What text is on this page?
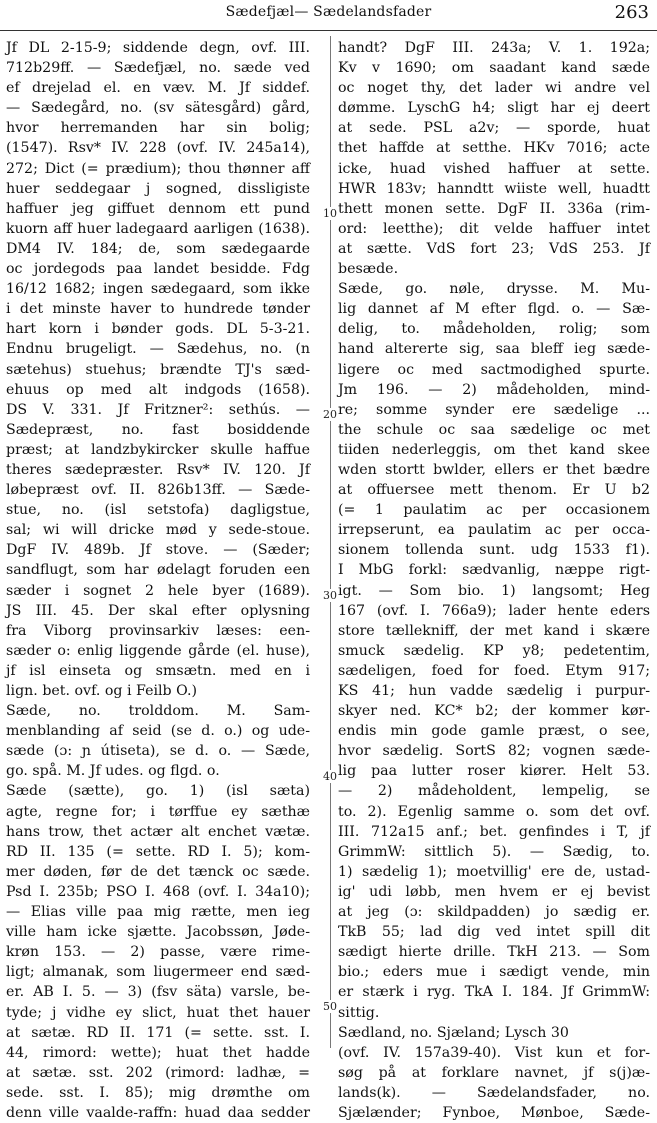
Sædefjæl— Sædelandsfader	263
Jf DL 2-15-9; siddende degn, ovf. III.
712b29ff. — Sædefjæl, no. sæde ved
ef drejelad el. en væv. M. Jf siddef.
— Sædegård, no. (sv sätesgård) gård,
hvor herremanden har sin bolig;
(1547). Rsv* IV. 228 (ovf. IV. 245a14),
272; Dict (= prædium); thou thønner aff
huer seddegaar j sogned, dissligiste
haffuer jeg giffuet dennom ett pund
kuorn aff huer ladegaard aarligen (1638).
DM4 IV. 184; de, som sædegaarde
oc jordegods paa landet besidde. Fdg
16/12 1682; ingen sædegaard, som ikke
i det minste haver to hundrede tønder
hart korn i bønder gods. DL 5-3-21.
Endnu brugeligt. — Sædehus, no. (n
sætehus) stuehus; brændte TJ's sæd-
ehuus op med alt indgods (1658).
DS V. 331. Jf Fritzner²: sethús. —
Sædepræst, no. fast bosiddende
præst; at landzbykircker skulle haffue
theres sædepræster. Rsv* IV. 120. Jf
løbepræst ovf. II. 826b13ff. — Sæde-
stue, no. (isl setstofa) dagligstue,
sal; wi will dricke mød y sede-stoue.
DgF IV. 489b. Jf stove. — (Sæder;
sandflugt, som har ødelagt foruden een
sæder i sognet 2 hele byer (1689).
JS III. 45. Der skal efter oplysning
fra Viborg provinsarkiv læses: een-
sæder o: enlig liggende gårde (el. huse),
jf isl einseta og smsætn. med en i
lign. bet. ovf. og i Feilb O.)
Sæde, no. trolddom. M. Sam-
menblanding af seid (se d. o.) og ude-
sæde (ɔ: ɲ útiseta), se d. o. — Sæde,
go. spå. M. Jf udes. og flgd. o.
Sæde (sætte), go. 1) (isl sæta)
agte, regne for; i tørffue ey sæthæ
hans trow, thet actær alt enchet vætæ.
RD II. 135 (= sette. RD I. 5); kom-
mer døden, før de det tænck oc sæde.
Psd I. 235b; PSO I. 468 (ovf. I. 34a10);
— Elias ville paa mig rætte, men ieg
ville ham icke sjætte. Jacobssøn, Jøde-
krøn 153. — 2) passe, være rime-
ligt; almanak, som liugermeer end sæd-
er. AB I. 5. — 3) (fsv säta) varsle, be-
tyde; j vidhe ey slict, huat thet hauer
at sætæ. RD II. 171 (= sette. sst. I.
44, rimord: wette); huat thet hadde
at sætæ. sst. 202 (rimord: ladhæ, =
sede. sst. I. 85); mig drømthe om
denn ville vaalde-raffn: huad daa sedder
handt? DgF III. 243a; V. 1. 192a;
Kv v 1690; om saadant kand sæde
oc noget thy, det lader wi andre vel
dømme. LyschG h4; sligt har ej deert
at sede. PSL a2v; — sporde, huat
thet haffde at setthe. HKv 7016; acte
icke, huad vished haffuer at sette.
HWR 183v; hanndtt wiiste well, huadtt
thett monen sette. DgF II. 336a (rim-
ord: leetthe); dit velde haffuer intet
at sætte. VdS fort 23; VdS 253. Jf
besæde.
Sæde, go. nøle, drysse. M. Mu-
lig dannet af M efter flgd. o. — Sæ-
delig, to. mådeholden, rolig; som
hand altererte sig, saa bleff ieg sæde-
ligere oc med sactmodighed spurte.
Jm 196. — 2) mådeholden, mind-
re; somme synder ere sædelige ...
the schule oc saa sædelige oc met
tiiden nederleggis, om thet kand skee
wden stortt bwlder, ellers er thet bædre
at offuersee mett thenom. Er U b2
(= 1 paulatim ac per occasionem
irrepserunt, ea paulatim ac per occa-
sionem tollenda sunt. udg 1533 f1).
I MbG forkl: sædvanlig, næppe rigt-
igt. — Som bio. 1) langsomt; Heg
167 (ovf. I. 766a9); lader hente eders
store tællekniff, der met kand i skære
smuck sædelig. KP y8; pedetentim,
sædeligen, foed for foed. Etym 917;
KS 41; hun vadde sædelig i purpur-
skyer ned. KC* b2; der kommer kør-
endis min gode gamle præst, o see,
hvor sædelig. SortS 82; vognen sæde-
lig paa lutter roser kiører. Helt 53.
— 2) mådeholdent, lempelig, se
to. 2). Egenlig samme o. som det ovf.
III. 712a15 anf.; bet. genfindes i T, jf
GrimmW: sittlich 5). — Sædig, to.
1) sædelig 1); moetvillig' ere de, ustad-
ig' udi løbb, men hvem er ej bevist
at jeg (ɔ: skildpadden) jo sædig er.
TkB 55; lad dig ved intet spill dit
sædigt hierte drille. TkH 213. — Som
bio.; eders mue i sædigt vende, min
er stærk i ryg. TkA I. 184. Jf GrimmW:
sittig.
Sædland, no. Sjæland; Lysch 30
(ovf. IV. 157a39-40). Vist kun et for-
søg på at forklare navnet, jf s(j)æ-
lands(k). — Sædelandsfader, no.
Sjælænder; Fynboe, Mønboe, Sæde-
10
20
30
40
50
